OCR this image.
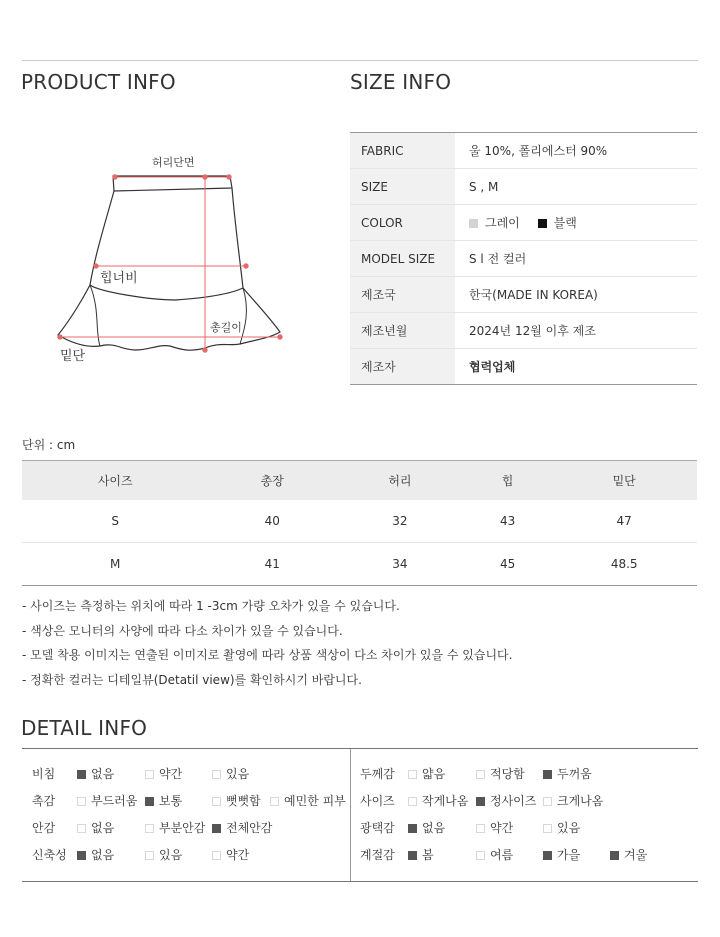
PRODUCT INFO	SIZE INFO
허리단면
힙너비
총길이
밑단
FABRIC	울 10%, 폴리에스터 90%
SIZE	S , M
COLOR	그레이 블랙
MODEL SIZE	S l 전 컬러
제조국	한국(MADE IN KOREA)
제조년월	2024년 12월 이후 제조
제조자	협력업체
단위 : cm
사이즈	총장	허리	힙	밑단
S	40	32	43	47
M	41	34	45	48.5
- 사이즈는 측정하는 위치에 따라 1 -3cm 가량 오차가 있을 수 있습니다.
- 색상은 모니터의 사양에 따라 다소 차이가 있을 수 있습니다.
- 모델 착용 이미지는 연출된 이미지로 촬영에 따라 상품 색상이 다소 차이가 있을 수 있습니다.
- 정확한 컬러는 디테일뷰(Detatil view)를 확인하시기 바랍니다.
DETAIL INFO
비침	없음	약간	있음
촉감	부드러움	보통	뻣뻣함	예민한 피부
안감	없음	부분안감	전체안감
신축성	없음	있음	약간
두께감	얇음	적당함	두꺼움
사이즈	작게나옴	정사이즈	크게나옴
광택감	없음	약간	있음
계절감	봄	여름	가을	겨울
